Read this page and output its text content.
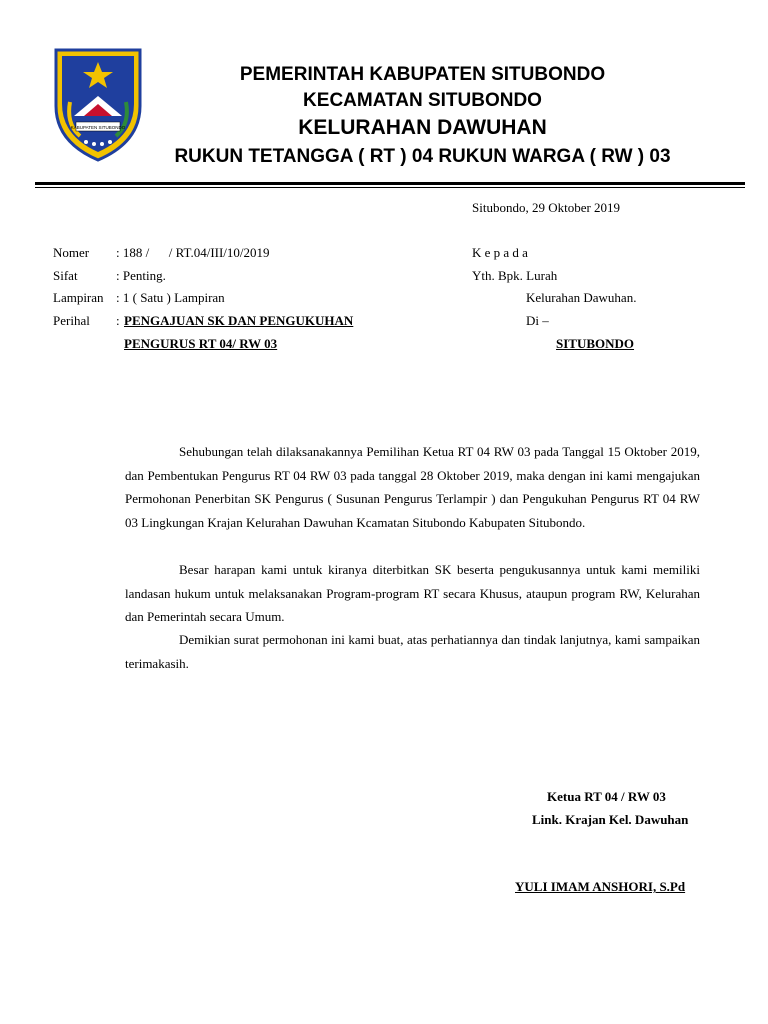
KABUPATEN SITUBONDO
PEMERINTAH KABUPATEN SITUBONDO
KECAMATAN SITUBONDO
KELURAHAN DAWUHAN
RUKUN TETANGGA ( RT ) 04 RUKUN WARGA ( RW ) 03
Situbondo, 29 Oktober 2019
Nomer : 188 /      / RT.04/III/10/2019
Sifat	: Penting.
Lampiran : 1 ( Satu ) Lampiran
Perihal : PENGAJUAN SK DAN PENGUKUHAN
PENGURUS RT 04/ RW 03
K e p a d a
Yth. Bpk. Lurah
Kelurahan Dawuhan.
Di –
SITUBONDO
Sehubungan telah dilaksanakannya Pemilihan Ketua RT 04 RW 03 pada Tanggal 15 Oktober 2019, dan Pembentukan Pengurus RT 04 RW 03 pada tanggal 28 Oktober 2019, maka dengan ini kami mengajukan Permohonan Penerbitan SK Pengurus ( Susunan Pengurus Terlampir ) dan Pengukuhan Pengurus RT 04 RW 03 Lingkungan Krajan Kelurahan Dawuhan Kcamatan Situbondo Kabupaten Situbondo.
Besar harapan kami untuk kiranya diterbitkan SK beserta pengukusannya untuk kami memiliki landasan hukum untuk melaksanakan Program-program RT secara Khusus, ataupun program RW, Kelurahan dan Pemerintah secara Umum.
Demikian surat permohonan ini kami buat, atas perhatiannya dan tindak lanjutnya, kami sampaikan terimakasih.
Ketua RT 04 / RW 03
Link. Krajan Kel. Dawuhan
YULI IMAM ANSHORI, S.Pd
